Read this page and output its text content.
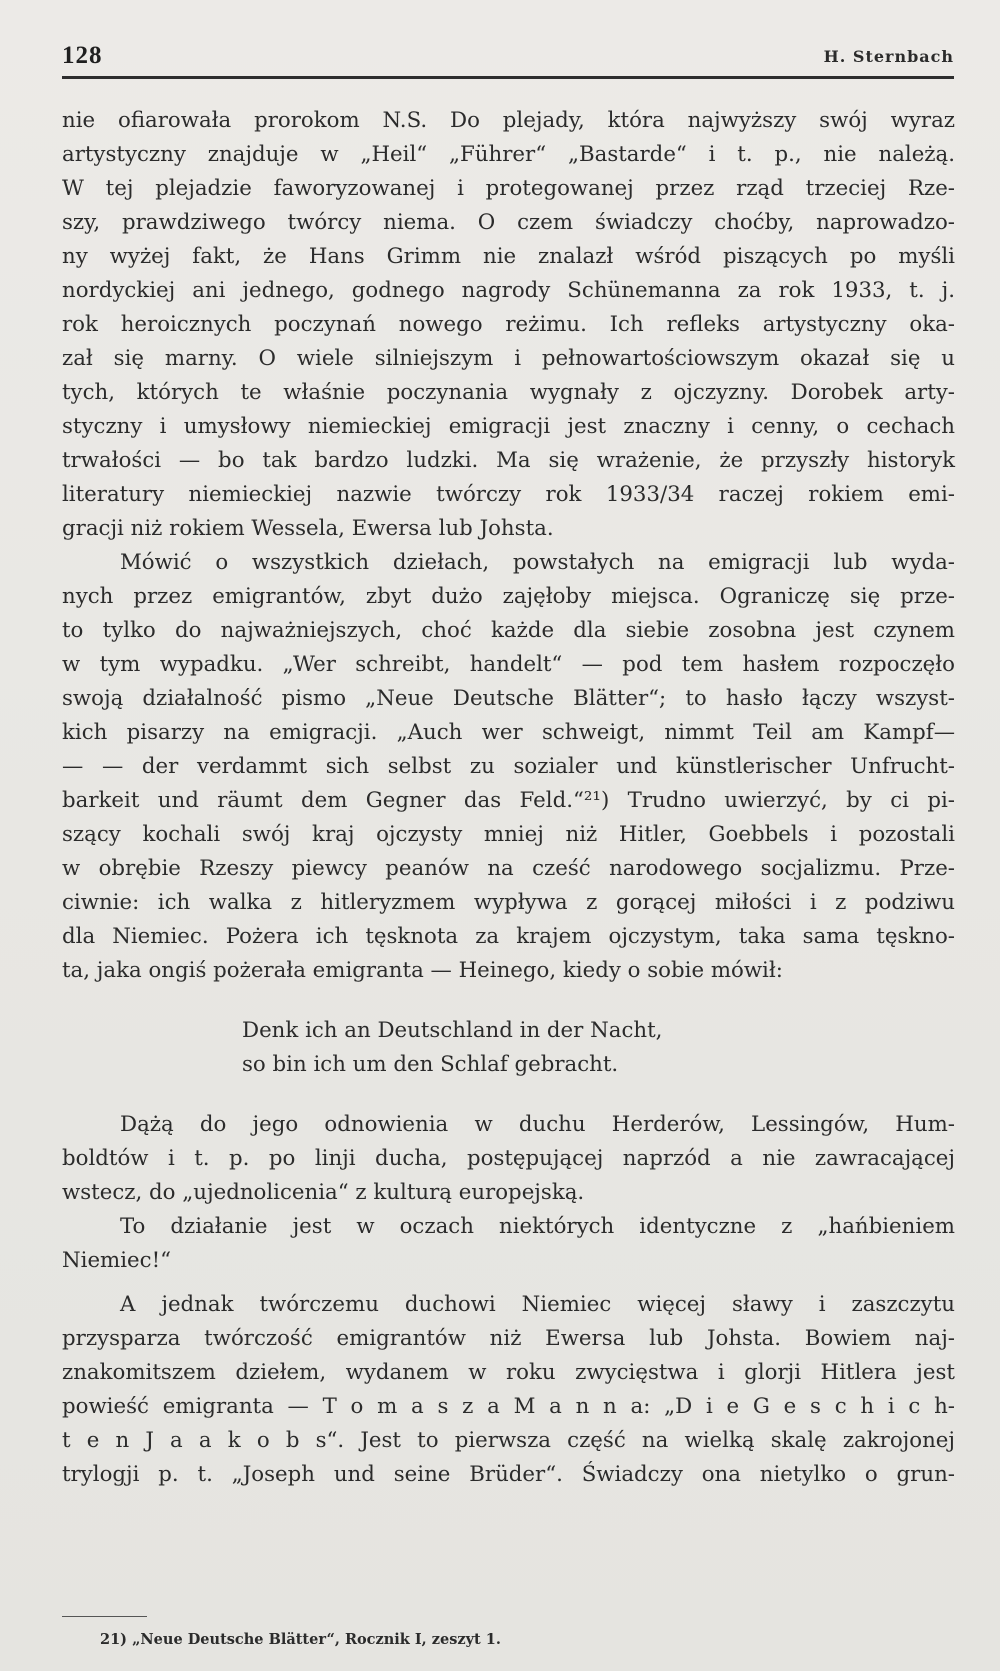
128	H. Sternbach
nie ofiarowała prorokom N.S. Do plejady, która najwyższy swój wyraz
artystyczny znajduje w „Heil“ „Führer“ „Bastarde“ i t. p., nie należą.
W tej plejadzie faworyzowanej i protegowanej przez rząd trzeciej Rze-
szy, prawdziwego twórcy niema. O czem świadczy choćby, naprowadzo-
ny wyżej fakt, że Hans Grimm nie znalazł wśród piszących po myśli
nordyckiej ani jednego, godnego nagrody Schünemanna za rok 1933, t. j.
rok heroicznych poczynań nowego reżimu. Ich refleks artystyczny oka-
zał się marny. O wiele silniejszym i pełnowartościowszym okazał się u
tych, których te właśnie poczynania wygnały z ojczyzny. Dorobek arty-
styczny i umysłowy niemieckiej emigracji jest znaczny i cenny, o cechach
trwałości — bo tak bardzo ludzki. Ma się wrażenie, że przyszły historyk
literatury niemieckiej nazwie twórczy rok 1933/34 raczej rokiem emi-
gracji niż rokiem Wessela, Ewersa lub Johsta.
Mówić o wszystkich dziełach, powstałych na emigracji lub wyda-
nych przez emigrantów, zbyt dużo zajęłoby miejsca. Ograniczę się prze-
to tylko do najważniejszych, choć każde dla siebie zosobna jest czynem
w tym wypadku. „Wer schreibt, handelt“ — pod tem hasłem rozpoczęło
swoją działalność pismo „Neue Deutsche Blätter“; to hasło łączy wszyst-
kich pisarzy na emigracji. „Auch wer schweigt, nimmt Teil am Kampf—
— — der verdammt sich selbst zu sozialer und künstlerischer Unfrucht-
barkeit und räumt dem Gegner das Feld.“²¹) Trudno uwierzyć, by ci pi-
szący kochali swój kraj ojczysty mniej niż Hitler, Goebbels i pozostali
w obrębie Rzeszy piewcy peanów na cześć narodowego socjalizmu. Prze-
ciwnie: ich walka z hitleryzmem wypływa z gorącej miłości i z podziwu
dla Niemiec. Pożera ich tęsknota za krajem ojczystym, taka sama tęskno-
ta, jaka ongiś pożerała emigranta — Heinego, kiedy o sobie mówił:
Denk ich an Deutschland in der Nacht,
so bin ich um den Schlaf gebracht.
Dążą do jego odnowienia w duchu Herderów, Lessingów, Hum-
boldtów i t. p. po linji ducha, postępującej naprzód a nie zawracającej
wstecz, do „ujednolicenia“ z kulturą europejską.
To działanie jest w oczach niektórych identyczne z „hańbieniem
Niemiec!“
A jednak twórczemu duchowi Niemiec więcej sławy i zaszczytu
przysparza twórczość emigrantów niż Ewersa lub Johsta. Bowiem naj-
znakomitszem dziełem, wydanem w roku zwycięstwa i glorji Hitlera jest
powieść emigranta — T o m a s z a M a n n a: „D i e G e s c h i c h-
t e n J a a k o b s“. Jest to pierwsza część na wielką skalę zakrojonej
trylogji p. t. „Joseph und seine Brüder“. Świadczy ona nietylko o grun-
21) „Neue Deutsche Blätter“, Rocznik I, zeszyt 1.
